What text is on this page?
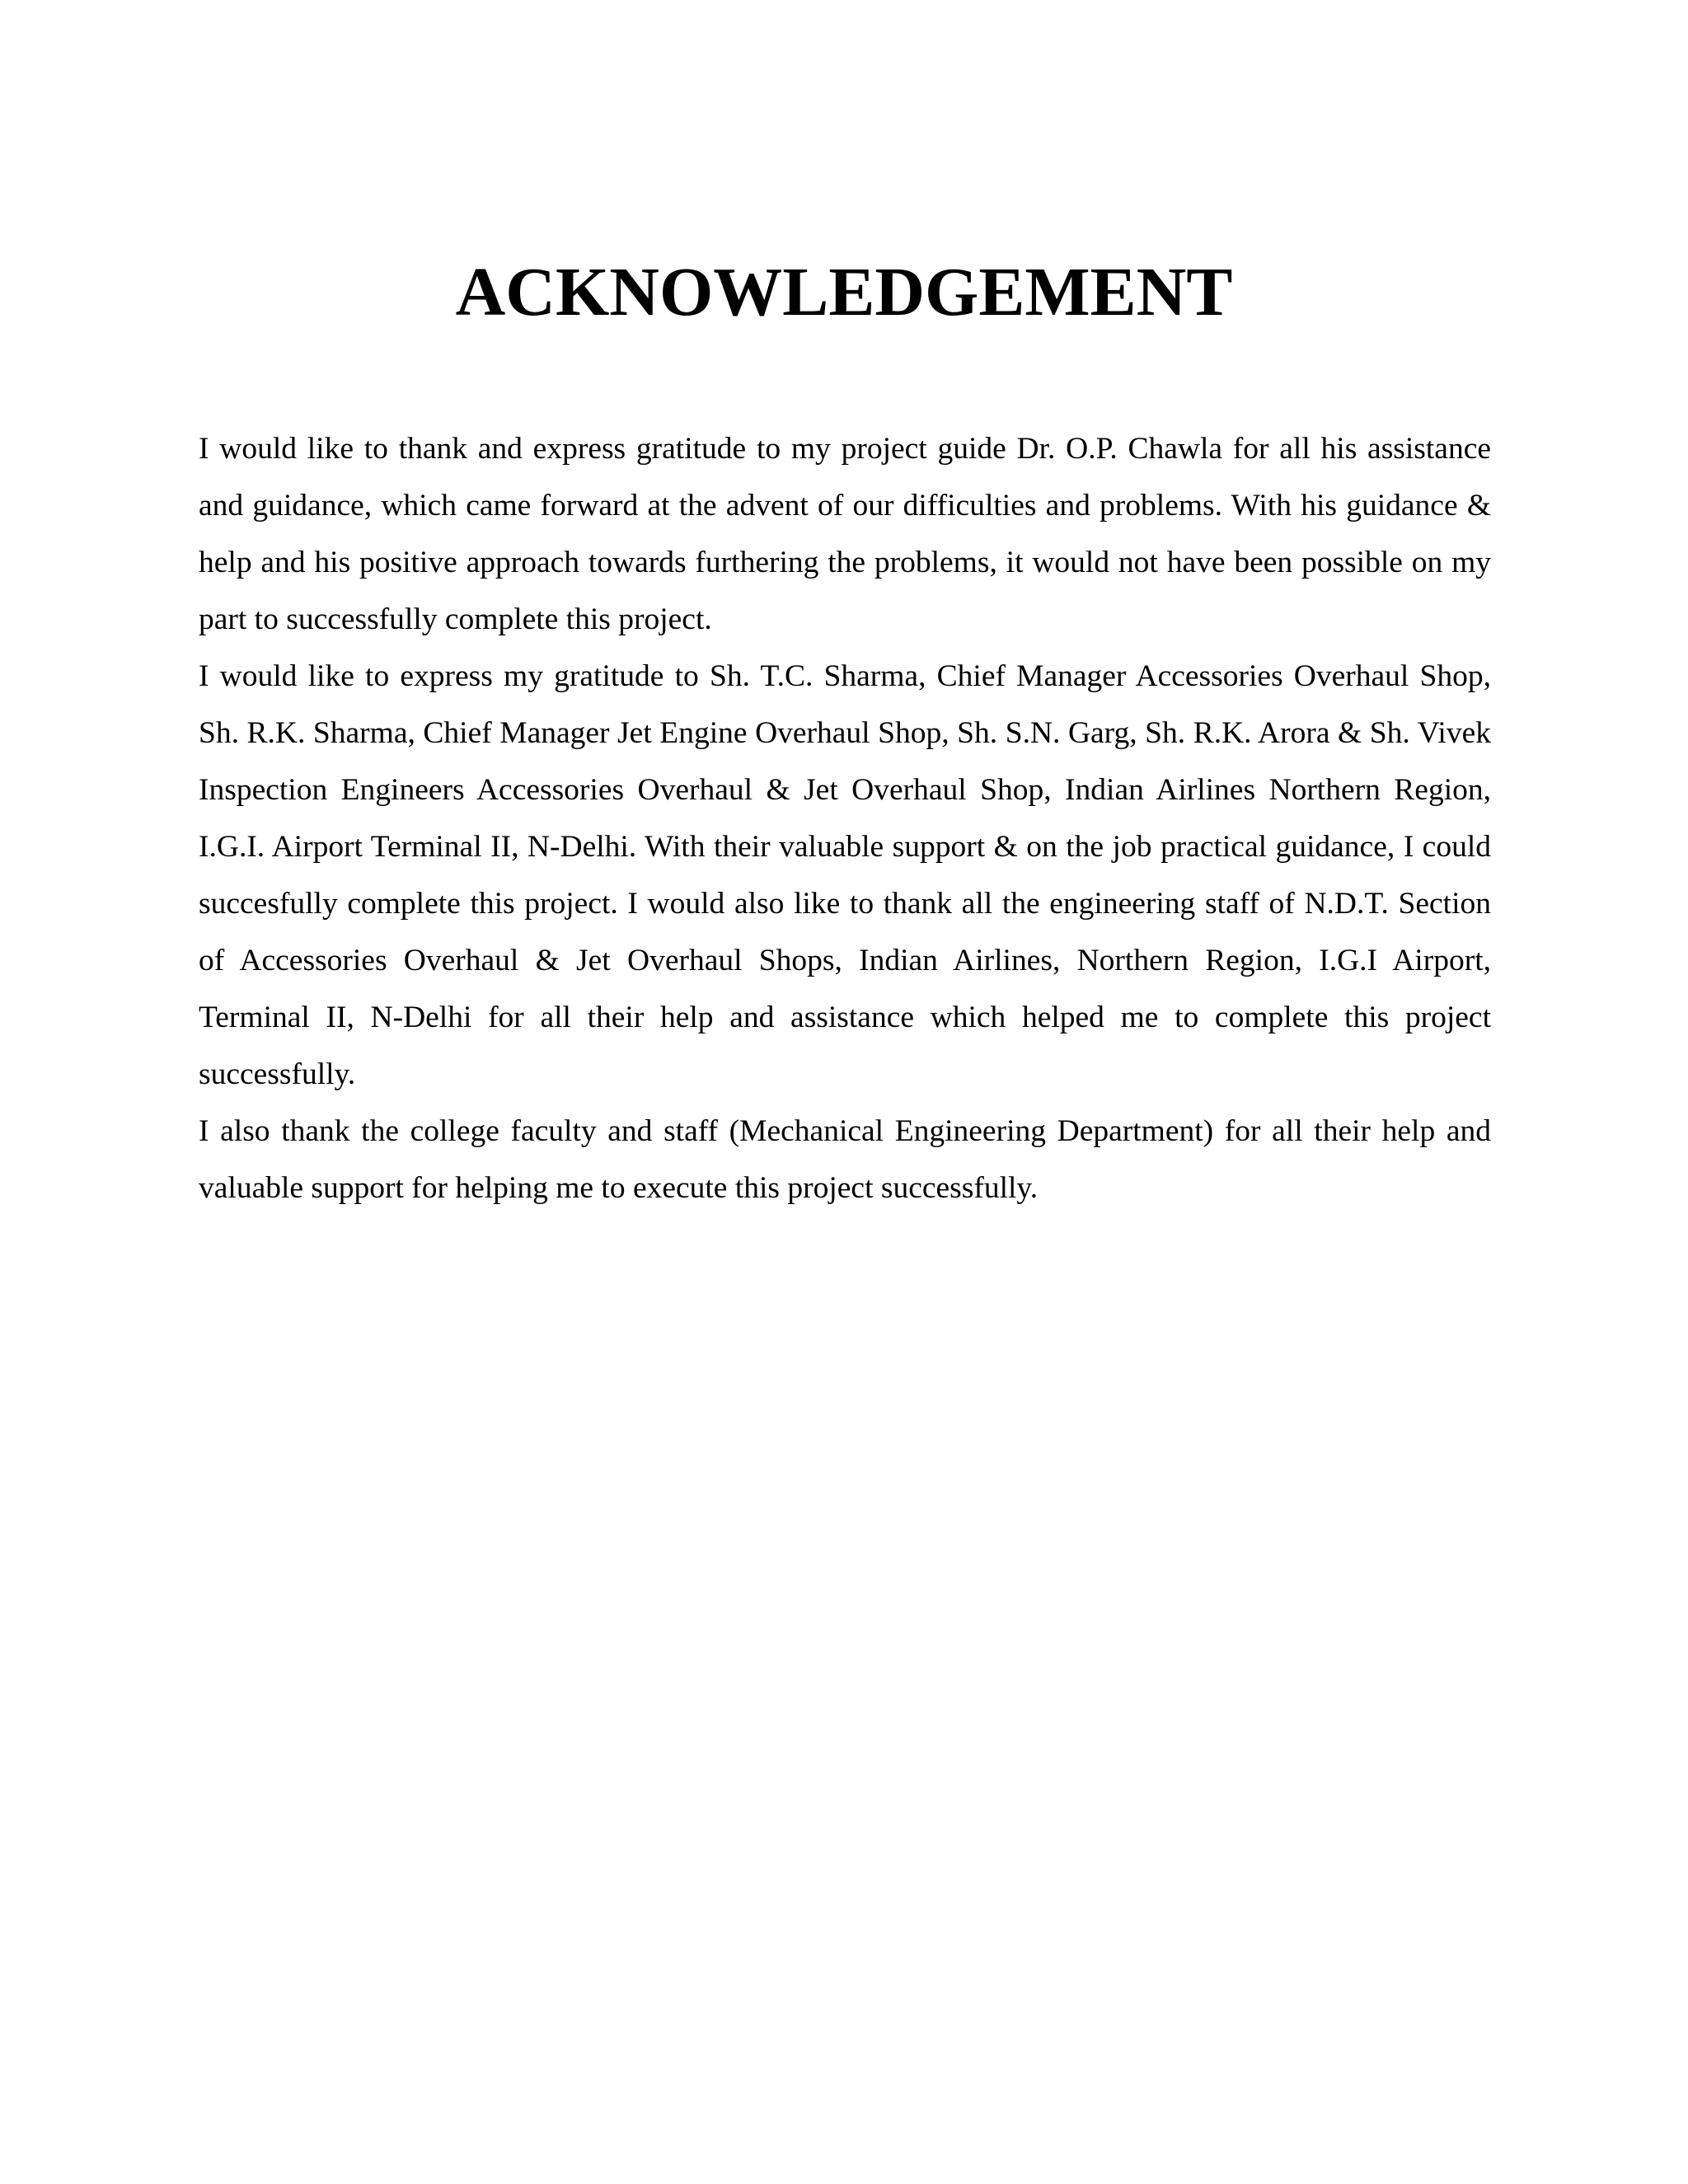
ACKNOWLEDGEMENT

I would like to thank and express gratitude to my project guide Dr. O.P. Chawla for all his assistance and guidance, which came forward at the advent of our difficulties and problems. With his guidance & help and his positive approach towards furthering the problems, it would not have been possible on my part to successfully complete this project.

I would like to express my gratitude to Sh. T.C. Sharma, Chief Manager Accessories Overhaul Shop, Sh. R.K. Sharma, Chief Manager Jet Engine Overhaul Shop, Sh. S.N. Garg, Sh. R.K. Arora & Sh. Vivek Inspection Engineers Accessories Overhaul & Jet Overhaul Shop, Indian Airlines Northern Region, I.G.I. Airport Terminal II, N-Delhi. With their valuable support & on the job practical guidance, I could succesfully complete this project. I would also like to thank all the engineering staff of N.D.T. Section of Accessories Overhaul & Jet Overhaul Shops, Indian Airlines, Northern Region, I.G.I Airport, Terminal II, N-Delhi for all their help and assistance which helped me to complete this project successfully.

I also thank the college faculty and staff (Mechanical Engineering Department) for all their help and valuable support for helping me to execute this project successfully.
